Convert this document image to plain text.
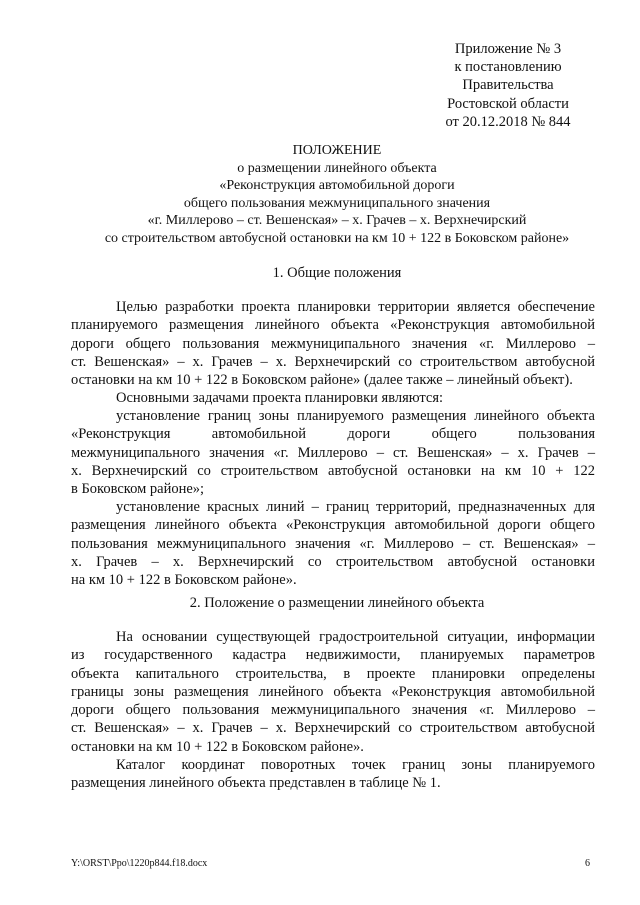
Приложение № 3
к постановлению
Правительства
Ростовской области
от 20.12.2018 № 844
ПОЛОЖЕНИЕ
о размещении линейного объекта
«Реконструкция автомобильной дороги
общего пользования межмуниципального значения
«г. Миллерово – ст. Вешенская» – х. Грачев – х. Верхнечирский
со строительством автобусной остановки на км 10 + 122 в Боковском районе»
1. Общие положения

Целью разработки проекта планировки территории является обеспечение
планируемого размещения линейного объекта «Реконструкция автомобильной
дороги общего пользования межмуниципального значения «г. Миллерово –
ст. Вешенская» – х. Грачев – х. Верхнечирский со строительством автобусной
остановки на км 10 + 122 в Боковском районе» (далее также – линейный объект).

Основными задачами проекта планировки являются:

установление границ зоны планируемого размещения линейного объекта
«Реконструкция автомобильной дороги общего пользования
межмуниципального значения «г. Миллерово – ст. Вешенская» – х. Грачев –
х. Верхнечирский со строительством автобусной остановки на км 10 + 122
в Боковском районе»;

установление красных линий – границ территорий, предназначенных для
размещения линейного объекта «Реконструкция автомобильной дороги общего
пользования межмуниципального значения «г. Миллерово – ст. Вешенская» –
х. Грачев – х. Верхнечирский со строительством автобусной остановки
на км 10 + 122 в Боковском районе».

2. Положение о размещении линейного объекта

На основании существующей градостроительной ситуации, информации
из государственного кадастра недвижимости, планируемых параметров
объекта капитального строительства, в проекте планировки определены
границы зоны размещения линейного объекта «Реконструкция автомобильной
дороги общего пользования межмуниципального значения «г. Миллерово –
ст. Вешенская» – х. Грачев – х. Верхнечирский со строительством автобусной
остановки на км 10 + 122 в Боковском районе».

Каталог координат поворотных точек границ зоны планируемого
размещения линейного объекта представлен в таблице № 1.

Y:\ORST\Ppo\1220p844.f18.docx	6
